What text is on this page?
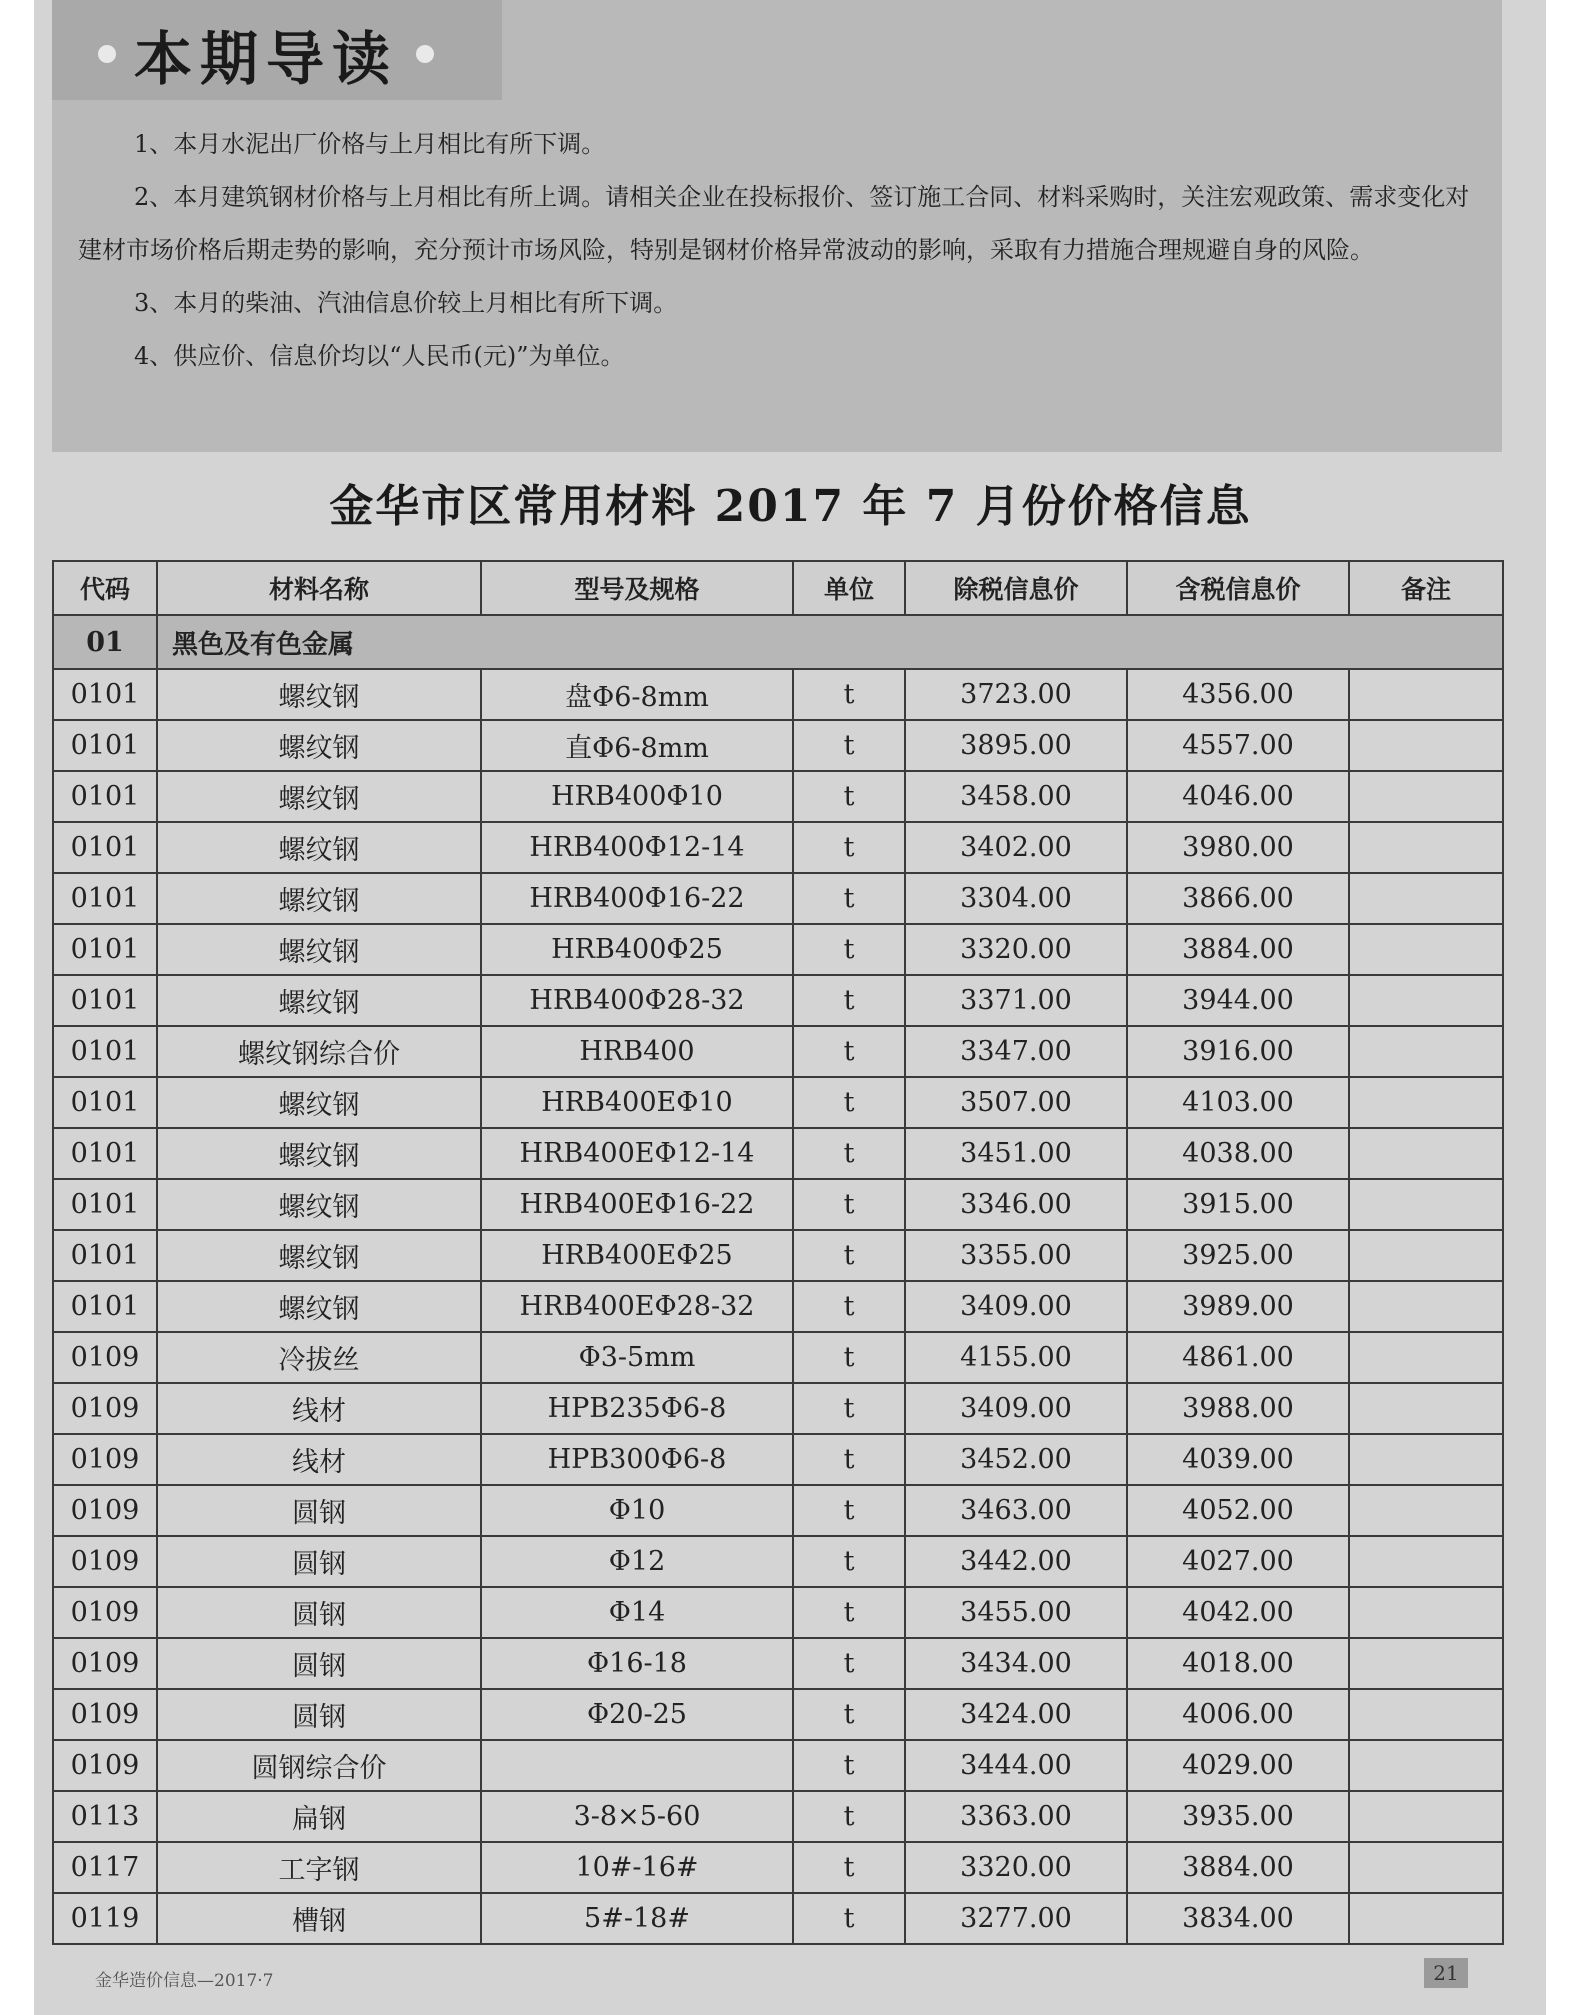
本期导读

1、本月水泥出厂价格与上月相比有所下调。

2、本月建筑钢材价格与上月相比有所上调。请相关企业在投标报价、签订施工合同、材料采购时，关注宏观政策、需求变化对建材市场价格后期走势的影响，充分预计市场风险，特别是钢材价格异常波动的影响，采取有力措施合理规避自身的风险。

3、本月的柴油、汽油信息价较上月相比有所下调。

4、供应价、信息价均以“人民币(元)”为单位。

金华市区常用材料 2017 年 7 月份价格信息
代码	材料名称	型号及规格	单位	除税信息价	含税信息价	备注
01	黑色及有色金属					
0101	螺纹钢	盘Φ6-8mm	t	3723.00	4356.00	
0101	螺纹钢	直Φ6-8mm	t	3895.00	4557.00	
0101	螺纹钢	HRB400Φ10	t	3458.00	4046.00	
0101	螺纹钢	HRB400Φ12-14	t	3402.00	3980.00	
0101	螺纹钢	HRB400Φ16-22	t	3304.00	3866.00	
0101	螺纹钢	HRB400Φ25	t	3320.00	3884.00	
0101	螺纹钢	HRB400Φ28-32	t	3371.00	3944.00	
0101	螺纹钢综合价	HRB400	t	3347.00	3916.00	
0101	螺纹钢	HRB400EΦ10	t	3507.00	4103.00	
0101	螺纹钢	HRB400EΦ12-14	t	3451.00	4038.00	
0101	螺纹钢	HRB400EΦ16-22	t	3346.00	3915.00	
0101	螺纹钢	HRB400EΦ25	t	3355.00	3925.00	
0101	螺纹钢	HRB400EΦ28-32	t	3409.00	3989.00	
0109	冷拔丝	Φ3-5mm	t	4155.00	4861.00	
0109	线材	HPB235Φ6-8	t	3409.00	3988.00	
0109	线材	HPB300Φ6-8	t	3452.00	4039.00	
0109	圆钢	Φ10	t	3463.00	4052.00	
0109	圆钢	Φ12	t	3442.00	4027.00	
0109	圆钢	Φ14	t	3455.00	4042.00	
0109	圆钢	Φ16-18	t	3434.00	4018.00	
0109	圆钢	Φ20-25	t	3424.00	4006.00	
0109	圆钢综合价		t	3444.00	4029.00	
0113	扁钢	3-8×5-60	t	3363.00	3935.00	
0117	工字钢	10#-16#	t	3320.00	3884.00	
0119	槽钢	5#-18#	t	3277.00	3834.00	
金华造价信息—2017·7	21
